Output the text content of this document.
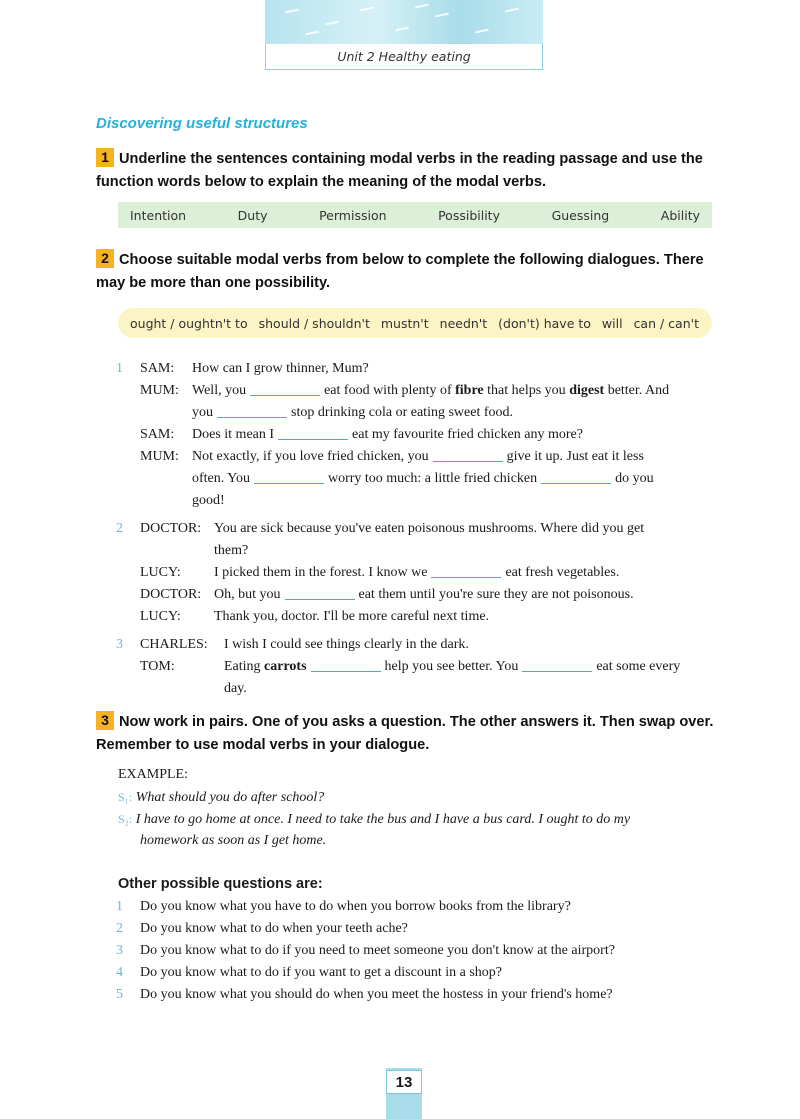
Unit 2 Healthy eating
Discovering useful structures
1 Underline the sentences containing modal verbs in the reading passage and use the function words below to explain the meaning of the modal verbs.
Intention	Duty	Permission	Possibility	Guessing	Ability
2 Choose suitable modal verbs from below to complete the following dialogues. There may be more than one possibility.
ought / oughtn't to should / shouldn't mustn't needn't (don't) have to will can / can't
1 SAM: How can I grow thinner, Mum?
MUM: Well, you	eat food with plenty of fibre that helps you digest better. And
you	stop drinking cola or eating sweet food.
SAM: Does it mean I	eat my favourite fried chicken any more?
MUM: Not exactly, if you love fried chicken, you	give it up. Just eat it less
often. You	worry too much: a little fried chicken	do you
good!
2 DOCTOR: You are sick because you've eaten poisonous mushrooms. Where did you get
them?
LUCY: I picked them in the forest. I know we	eat fresh vegetables.
DOCTOR: Oh, but you	eat them until you're sure they are not poisonous.
LUCY: Thank you, doctor. I'll be more careful next time.
3 CHARLES: I wish I could see things clearly in the dark.
TOM:	Eating carrots	help you see better. You	eat some every
day.
3 Now work in pairs. One of you asks a question. The other answers it. Then swap over. Remember to use modal verbs in your dialogue.
EXAMPLE:
S₁: What should you do after school?
S₂: I have to go home at once. I need to take the bus and I have a bus card. I ought to do my
homework as soon as I get home.
Other possible questions are:
1 Do you know what you have to do when you borrow books from the library?
2 Do you know what to do when your teeth ache?
3 Do you know what to do if you need to meet someone you don't know at the airport?
4 Do you know what to do if you want to get a discount in a shop?
5 Do you know what you should do when you meet the hostess in your friend's home?
13
